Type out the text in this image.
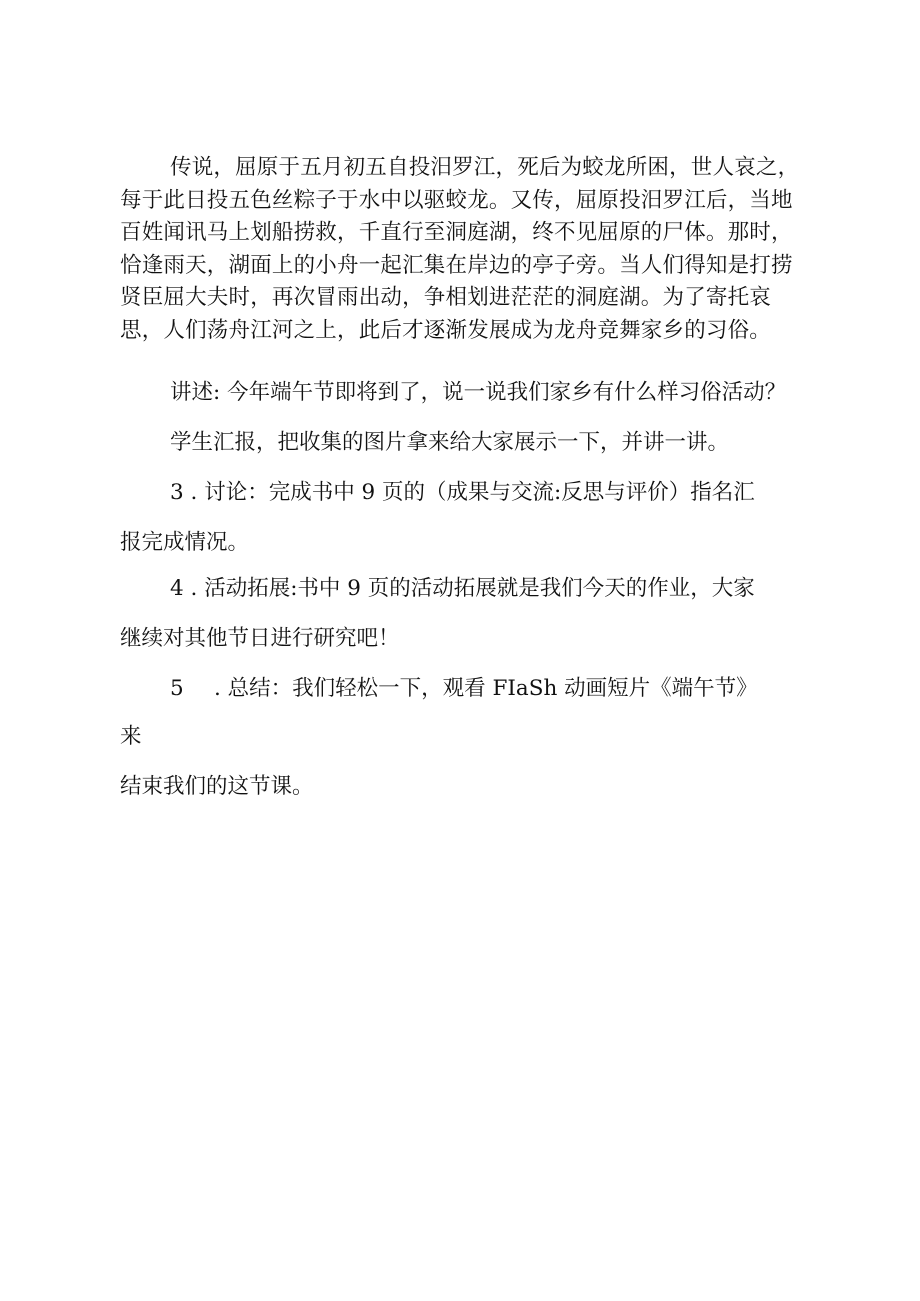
传说，屈原于五月初五自投汨罗江，死后为蛟龙所困，世人哀之，每于此日投五色丝粽子于水中以驱蛟龙。又传，屈原投汨罗江后，当地百姓闻讯马上划船捞救，千直行至洞庭湖，终不见屈原的尸体。那时，恰逢雨天，湖面上的小舟一起汇集在岸边的亭子旁。当人们得知是打捞贤臣屈大夫时，再次冒雨出动，争相划进茫茫的洞庭湖。为了寄托哀思，人们荡舟江河之上，此后才逐渐发展成为龙舟竞舞家乡的习俗。

讲述: 今年端午节即将到了，说一说我们家乡有什么样习俗活动？

学生汇报，把收集的图片拿来给大家展示一下，并讲一讲。

3 . 讨论：完成书中 9 页的（成果与交流:反思与评价）指名汇

报完成情况。

4 . 活动拓展:书中 9 页的活动拓展就是我们今天的作业，大家

继续对其他节日进行研究吧！

5 . 总结：我们轻松一下，观看 FIaSh 动画短片《端午节》

来

结束我们的这节课。
